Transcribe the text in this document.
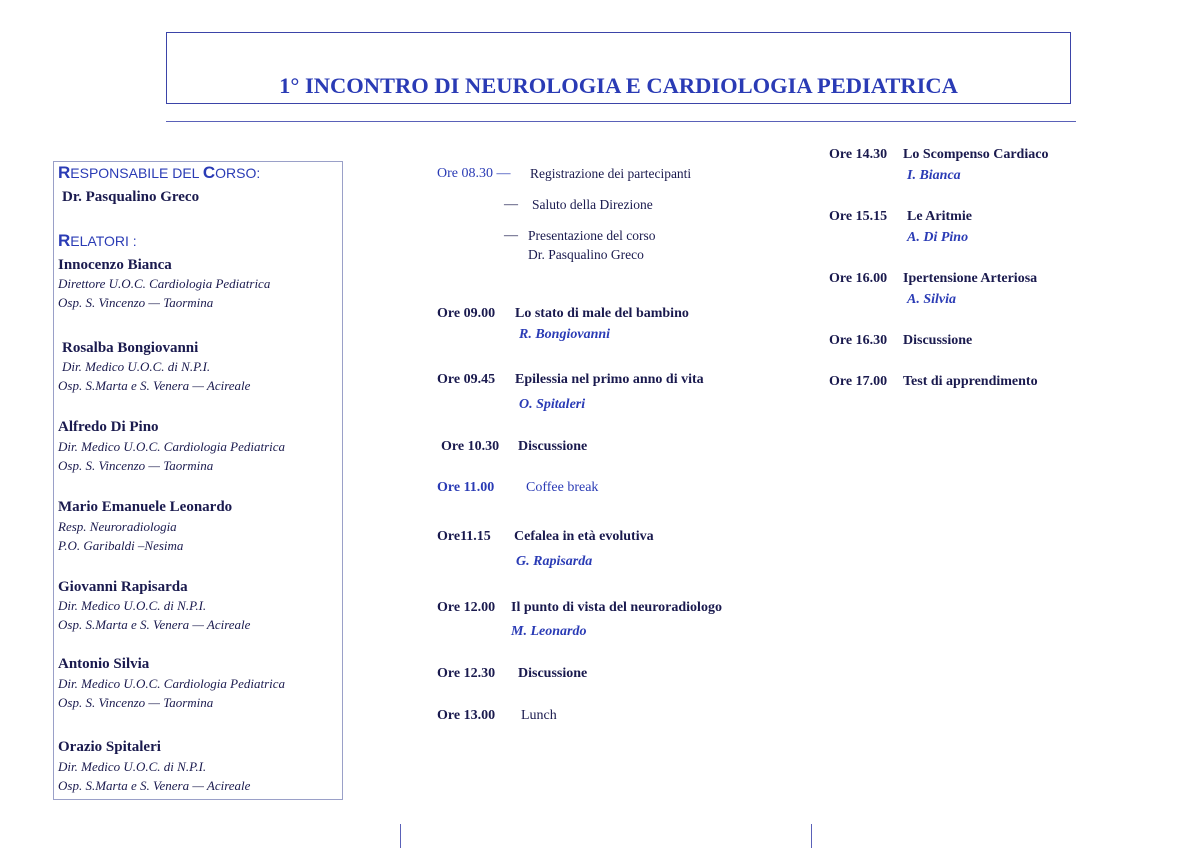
1° INCONTRO DI NEUROLOGIA E CARDIOLOGIA PEDIATRICA
RESPONSABILE DEL CORSO:
Dr. Pasqualino Greco
RELATORI :
Innocenzo Bianca
Direttore U.O.C. Cardiologia Pediatrica
Osp. S. Vincenzo — Taormina
Rosalba Bongiovanni
Dir. Medico U.O.C. di N.P.I.
Osp. S.Marta e S. Venera — Acireale
Alfredo Di Pino
Dir. Medico U.O.C. Cardiologia Pediatrica
Osp. S. Vincenzo — Taormina
Mario Emanuele Leonardo
Resp. Neuroradiologia
P.O. Garibaldi –Nesima
Giovanni Rapisarda
Dir. Medico U.O.C. di N.P.I.
Osp. S.Marta e S. Venera — Acireale
Antonio Silvia
Dir. Medico U.O.C. Cardiologia Pediatrica
Osp. S. Vincenzo — Taormina
Orazio Spitaleri
Dir. Medico U.O.C. di N.P.I.
Osp. S.Marta e S. Venera — Acireale
Ore 08.30 — Registrazione dei partecipanti
— Saluto della Direzione
— Presentazione del corso
Dr. Pasqualino Greco
Ore 09.00 Lo stato di male del bambino
R. Bongiovanni
Ore 09.45 Epilessia nel primo anno di vita
O. Spitaleri
Ore 10.30 Discussione
Ore 11.00 Coffee break
Ore11.15 Cefalea in età evolutiva
G. Rapisarda
Ore 12.00 Il punto di vista del neuroradiologo
M. Leonardo
Ore 12.30 Discussione
Ore 13.00 Lunch
Ore 14.30 Lo Scompenso Cardiaco
I. Bianca
Ore 15.15 Le Aritmie
A. Di Pino
Ore 16.00 Ipertensione Arteriosa
A. Silvia
Ore 16.30 Discussione
Ore 17.00 Test di apprendimento
